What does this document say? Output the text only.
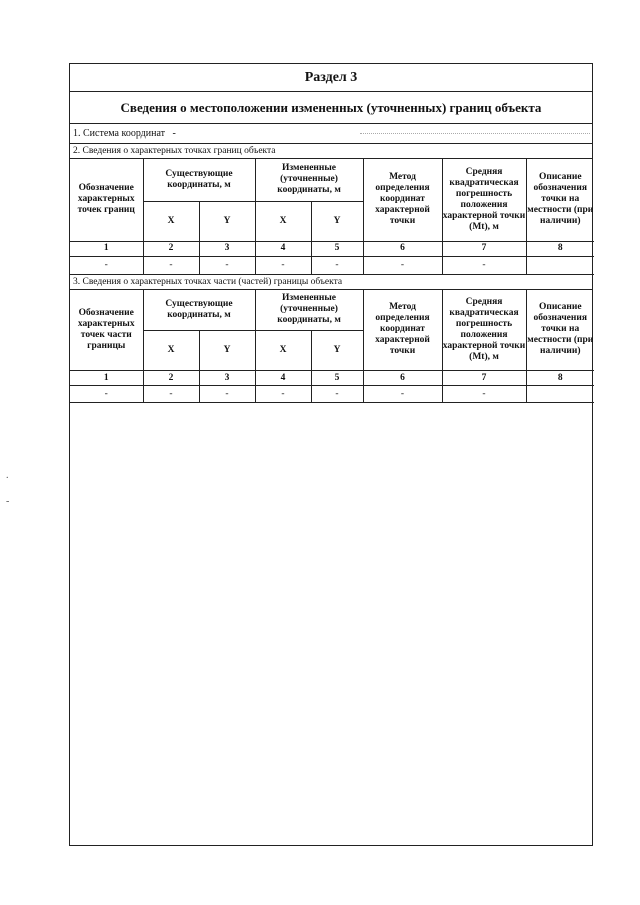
.
-
Раздел 3
Сведения о местоположении измененных (уточненных) границ объекта
1. Система координат -
2. Сведения о характерных точках границ объекта
Обозначение характерных точек границ	Существующие координаты, м		Измененные (уточненные) координаты, м		Метод определения координат характерной точки	Средняя квадратическая погрешность положения характерной точки (Mt), м	Описание обозначения точки на местности (при наличии)
	X	Y	X	Y			
1	2	3	4	5	6	7	8
-	-	-	-	-	-	-	
3. Сведения о характерных точках части (частей) границы объекта
Обозначение характерных точек части границы	Существующие координаты, м		Измененные (уточненные) координаты, м		Метод определения координат характерной точки	Средняя квадратическая погрешность положения характерной точки (Mt), м	Описание обозначения точки на местности (при наличии)
	X	Y	X	Y			
1	2	3	4	5	6	7	8
-	-	-	-	-	-	-	
